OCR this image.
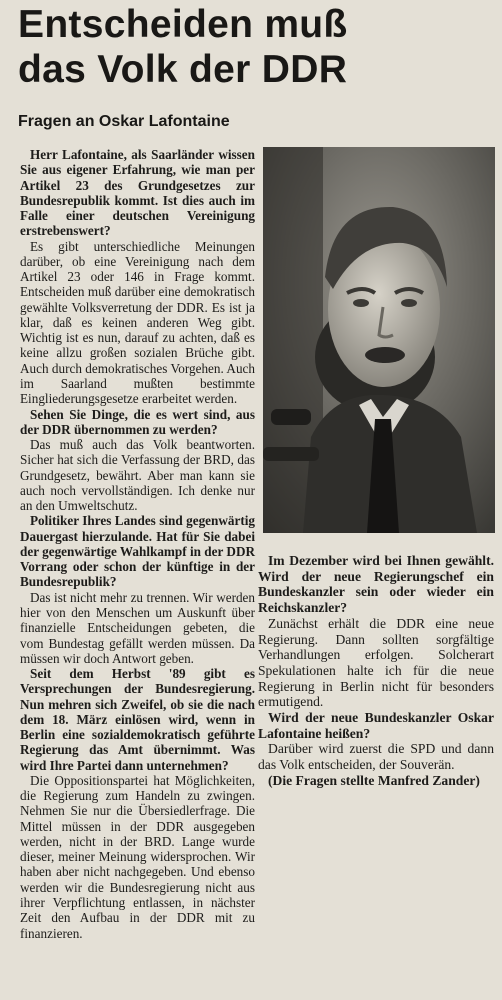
Entscheiden muß
das Volk der DDR
Fragen an Oskar Lafontaine

Herr Lafontaine, als Saarländer wissen Sie aus eigener Erfahrung, wie man per Artikel 23 des Grundgesetzes zur Bundesrepublik kommt. Ist dies auch im Falle einer deutschen Vereinigung erstrebenswert?

Es gibt unterschiedliche Meinungen darüber, ob eine Vereinigung nach dem Artikel 23 oder 146 in Frage kommt. Entscheiden muß darüber eine demokratisch gewählte Volksverretung der DDR. Es ist ja klar, daß es keinen anderen Weg gibt. Wichtig ist es nun, darauf zu achten, daß es keine allzu großen sozialen Brüche gibt. Auch durch demokratisches Vorgehen. Auch im Saarland mußten bestimmte Eingliederungsgesetze erarbeitet werden.

Sehen Sie Dinge, die es wert sind, aus der DDR übernommen zu werden?

Das muß auch das Volk beantworten. Sicher hat sich die Verfassung der BRD, das Grundgesetz, bewährt. Aber man kann sie auch noch vervollständigen. Ich denke nur an den Umweltschutz.

Politiker Ihres Landes sind gegenwärtig Dauergast hierzulande. Hat für Sie dabei der gegenwärtige Wahlkampf in der DDR Vorrang oder schon der künftige in der Bundesrepublik?

Das ist nicht mehr zu trennen. Wir werden hier von den Menschen um Auskunft über finanzielle Entscheidungen gebeten, die vom Bundestag gefällt werden müssen. Da müssen wir doch Antwort geben.

Seit dem Herbst '89 gibt es Versprechungen der Bundesregierung. Nun mehren sich Zweifel, ob sie die nach dem 18. März einlösen wird, wenn in Berlin eine sozialdemokratisch geführte Regierung das Amt übernimmt. Was wird Ihre Partei dann unternehmen?

Die Oppositionspartei hat Möglichkeiten, die Regierung zum Handeln zu zwingen. Nehmen Sie nur die Übersiedlerfrage. Die Mittel müssen in der DDR ausgegeben werden, nicht in der BRD. Lange wurde dieser, meiner Meinung widersprochen. Wir haben aber nicht nachgegeben. Und ebenso werden wir die Bundesregierung nicht aus ihrer Verpflichtung entlassen, in nächster Zeit den Aufbau in der DDR mit zu finanzieren.

Im Dezember wird bei Ihnen gewählt. Wird der neue Regierungschef ein Bundeskanzler sein oder wieder ein Reichskanzler?

Zunächst erhält die DDR eine neue Regierung. Dann sollten sorgfältige Verhandlungen erfolgen. Solcherart Spekulationen halte ich für die neue Regierung in Berlin nicht für besonders ermutigend.

Wird der neue Bundeskanzler Oskar Lafontaine heißen?

Darüber wird zuerst die SPD und dann das Volk entscheiden, der Souverän.

(Die Fragen stellte Manfred Zander)
